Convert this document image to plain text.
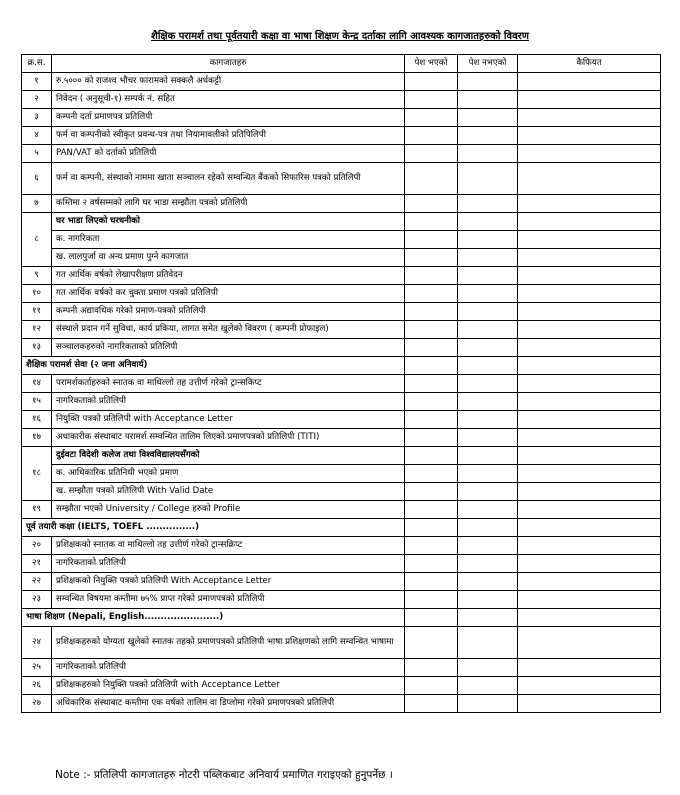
शैक्षिक परामर्श तथा पूर्वतयारी कक्षा वा भाषा शिक्षण केन्द्र दर्ताका लागि आवश्यक कागजातहरुको विवरण
क्र.स.	कागजातहरु	पेश भएको	पेश नभएको	कैफियत
१	रु.५००० को राजश्व भौचर फारामको सक्कलै अर्धकट्टी			
२	निवेदन ( अनुसूची-१) सम्पर्क नं. सहित			
३	कम्पनी दर्ता प्रमाणपत्र प्रतिलिपी			
४	फर्म वा कम्पनीको स्वीकृत प्रवन्ध-पत्र तथा नियामावलीको प्रतिपिलिपी			
५	PAN/VAT को दर्ताको प्रतिलिपी			
६	फर्म वा कम्पनी, संस्थाको नाममा खाता सञ्चालन रहेको सम्वन्धित बैंकको सिफारिस पत्रको प्रतिलिपी			
७	कम्तिमा २ वर्षसम्मको लागि घर भाडा सम्झौता पत्रको प्रतिलिपी			
८	घर भाडा लिएको घरधनीको			
	क. नागरिकता			
	ख. लालपुर्जा वा अन्य प्रमाण पुग्ने कागजात			
९	गत आर्थिक वर्षको लेखापरीक्षण प्रतिवेदन			
१०	गत आर्थिक वर्षको कर चुक्ता प्रमाण पत्रको प्रतिलिपी			
११	कम्पनी अद्यावधिक गरेको प्रमाण-पत्रको प्रतिलिपी			
१२	संस्थाले प्रदान गर्ने सुविधा, कार्य प्रकिया, लागत समेत खुलेको विवरण ( कम्पनी प्रोफाइल)			
१३	सञ्चालकहरुको नागरिकताको प्रतिलिपी			
शैक्षिक परामर्श सेवा (२ जना अनिवार्य)				
१४	परामर्शकर्ताहरुको स्नातक वा माथिल्लो तह उत्तीर्ण गरेको ट्रान्सकिप्ट			
१५	नागरिकताको प्रतिलिपी			
१६	नियुक्ति पत्रको प्रतिलिपी with Acceptance Letter			
१७	अधाकारीक संस्थाबाट परामर्श सम्वन्धित तालिम लिएको प्रमाणपत्रको प्रतिलिपी (TITI)			
१८	दुईवटा विदेशी कलेज तथा विश्वविद्यालयसँगको			
	क. आधिकारिक प्रतिनिधी भएको प्रमाण			
	ख. सम्झौता पत्रको प्रतिलिपी With Valid Date			
१९	सम्झौता भएको University / College हरुको Profile			
पूर्व तयारी कक्षा (IELTS, TOEFL ...............)				
२०	प्रशिक्षकको स्नातक वा माथिल्लो तह उत्तीर्ण गरेको ट्रान्सक्रिप्ट			
२१	नागरिकताको प्रतिलिपी			
२२	प्रशिक्षकको नियुक्ति पत्रको प्रतिलिपी With Acceptance Letter			
२३	सम्वन्धित विषयमा कम्तीमा ७५% प्राप्त गरेको प्रमाणपत्रको प्रतिलिपी			
भाषा शिक्षण (Nepali, English.......................)				
२४	प्रशिक्षकहरुको योग्यता खुलेको स्नातक तहको प्रमाणपत्रको प्रतिलिपी भाषा प्रशिक्षणको लागि सम्वन्धित भाषामा			
२५	नागरिकताको प्रतिलिपी			
२६	प्रशिक्षकहरुको नियुक्ति पत्रको प्रतिलिपी with Acceptance Letter			
२७	अधिकारिक संस्थाबाट कम्तीमा एक वर्षको तालिम वा डिप्लोमा गरेको प्रमाणपत्रको प्रतिलिपी			
Note :- प्रतिलिपी कागजातहरु नोटरी पब्लिकबाट अनिवार्य प्रमाणित गराइएको हुनुपर्नेछ ।
